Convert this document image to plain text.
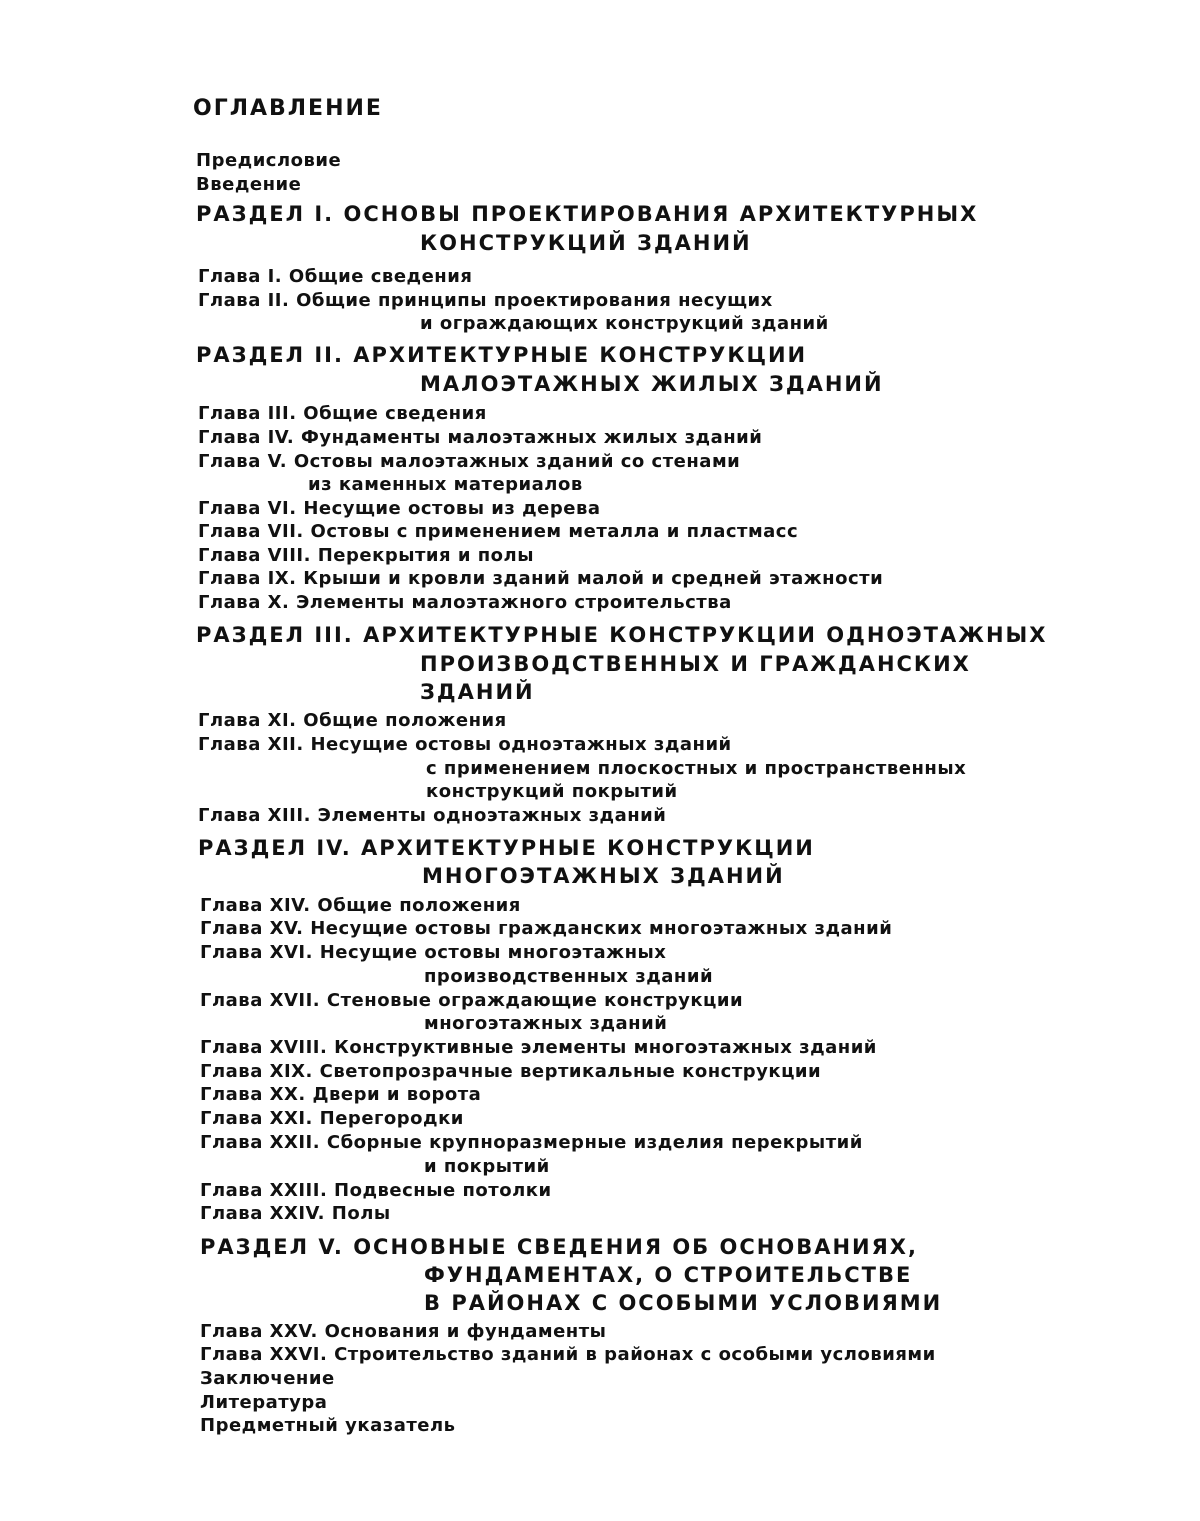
ОГЛАВЛЕНИЕ
Предисловие
Введение
РАЗДЕЛ I. ОСНОВЫ ПРОЕКТИРОВАНИЯ АРХИТЕКТУРНЫХ
КОНСТРУКЦИЙ ЗДАНИЙ
Глава I. Общие сведения
Глава II. Общие принципы проектирования несущих
и ограждающих конструкций зданий
РАЗДЕЛ II. АРХИТЕКТУРНЫЕ КОНСТРУКЦИИ
МАЛОЭТАЖНЫХ ЖИЛЫХ ЗДАНИЙ
Глава III. Общие сведения
Глава IV. Фундаменты малоэтажных жилых зданий
Глава V. Остовы малоэтажных зданий со стенами
из каменных материалов
Глава VI. Несущие остовы из дерева
Глава VII. Остовы с применением металла и пластмасс
Глава VIII. Перекрытия и полы
Глава IX. Крыши и кровли зданий малой и средней этажности
Глава X. Элементы малоэтажного строительства
РАЗДЕЛ III. АРХИТЕКТУРНЫЕ КОНСТРУКЦИИ ОДНОЭТАЖНЫХ
ПРОИЗВОДСТВЕННЫХ И ГРАЖДАНСКИХ
ЗДАНИЙ
Глава XI. Общие положения
Глава XII. Несущие остовы одноэтажных зданий
с применением плоскостных и пространственных
конструкций покрытий
Глава XIII. Элементы одноэтажных зданий
РАЗДЕЛ IV. АРХИТЕКТУРНЫЕ КОНСТРУКЦИИ
МНОГОЭТАЖНЫХ ЗДАНИЙ
Глава XIV. Общие положения
Глава XV. Несущие остовы гражданских многоэтажных зданий
Глава XVI. Несущие остовы многоэтажных
производственных зданий
Глава XVII. Стеновые ограждающие конструкции
многоэтажных зданий
Глава XVIII. Конструктивные элементы многоэтажных зданий
Глава XIX. Светопрозрачные вертикальные конструкции
Глава XX. Двери и ворота
Глава XXI. Перегородки
Глава XXII. Сборные крупноразмерные изделия перекрытий
и покрытий
Глава XXIII. Подвесные потолки
Глава XXIV. Полы
РАЗДЕЛ V. ОСНОВНЫЕ СВЕДЕНИЯ ОБ ОСНОВАНИЯХ,
ФУНДАМЕНТАХ, О СТРОИТЕЛЬСТВЕ
В РАЙОНАХ С ОСОБЫМИ УСЛОВИЯМИ
Глава XXV. Основания и фундаменты
Глава XXVI. Строительство зданий в районах с особыми условиями
Заключение
Литература
Предметный указатель
